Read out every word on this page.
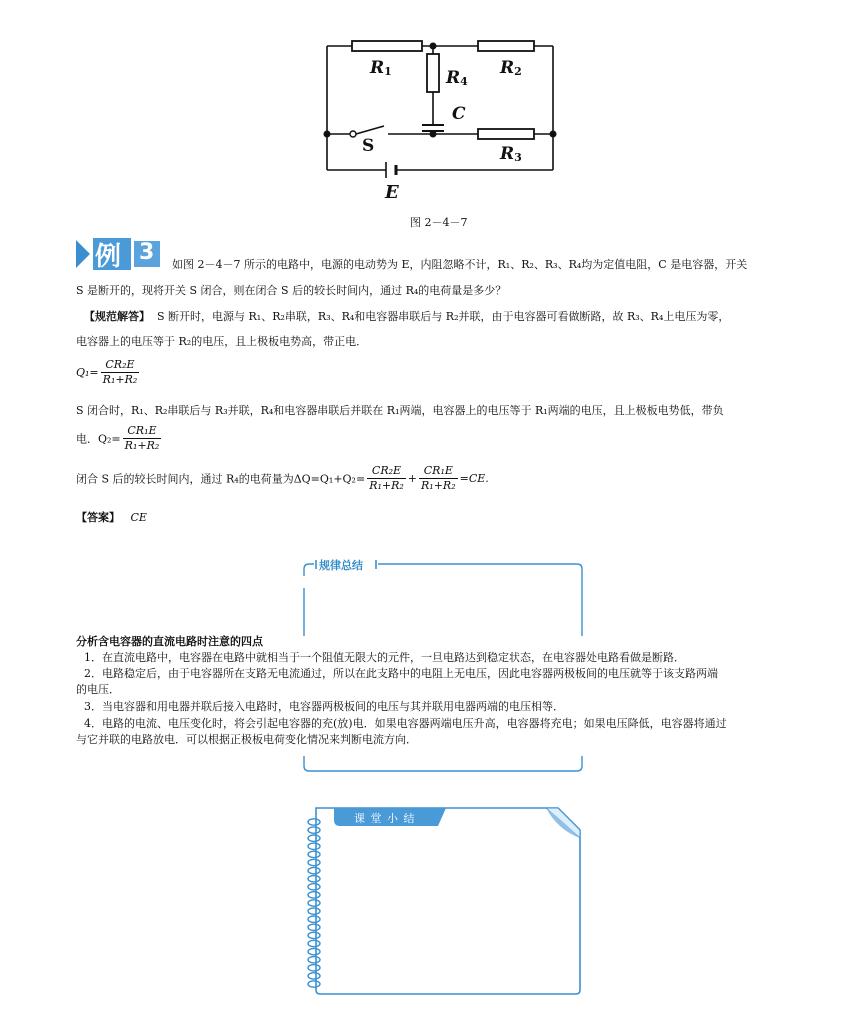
$R_1$	$R_4$
$R_2$
C
S	$R_3$
E
图 2－4－7
例 3 如图 2－4－7 所示的电路中，电源的电动势为 E，内阻忽略不计，R₁、R₂、R₃、R₄均为定值电阻，C 是电容器，开关
S 是断开的，现将开关 S 闭合，则在闭合 S 后的较长时间内，通过 R₄的电荷量是多少？
【规范解答】 S 断开时，电源与 R₁、R₂串联，R₃、R₄和电容器串联后与 R₂并联，由于电容器可看做断路，故 R₃、R₄上电压为零，
电容器上的电压等于 R₂的电压，且上极板电势高，带正电．
$Q_1= \frac{\text{CR₂E}}{\text{R₁+R₂}}$
S 闭合时，R₁、R₂串联后与 R₃并联，R₄和电容器串联后并联在 R₁两端，电容器上的电压等于 R₁两端的电压，且上极板电势低，带负
电．$Q_2= \frac{\text{CR₁E}}{\text{R₁+R₂}}$
闭合 S 后的较长时间内，通过 R₄的电荷量为$\Delta Q=Q_1+Q_2= \frac{\text{CR₂E}}{\text{R₁+R₂}} + \frac{\text{CR₁E}}{\text{R₁+R₂}} =CE$.
【答案】 CE
规律总结
分析含电容器的直流电路时注意的四点
1．在直流电路中，电容器在电路中就相当于一个阻值无限大的元件，一旦电路达到稳定状态，在电容器处电路看做是断路．
2．电路稳定后，由于电容器所在支路无电流通过，所以在此支路中的电阻上无电压，因此电容器两极板间的电压就等于该支路两端
的电压．
3．当电容器和用电器并联后接入电路时，电容器两极板间的电压与其并联用电器两端的电压相等．
4．电路的电流、电压变化时，将会引起电容器的充(放)电．如果电容器两端电压升高，电容器将充电；如果电压降低，电容器将通过
与它并联的电路放电．可以根据正极板电荷变化情况来判断电流方向．
课 堂 小 结
